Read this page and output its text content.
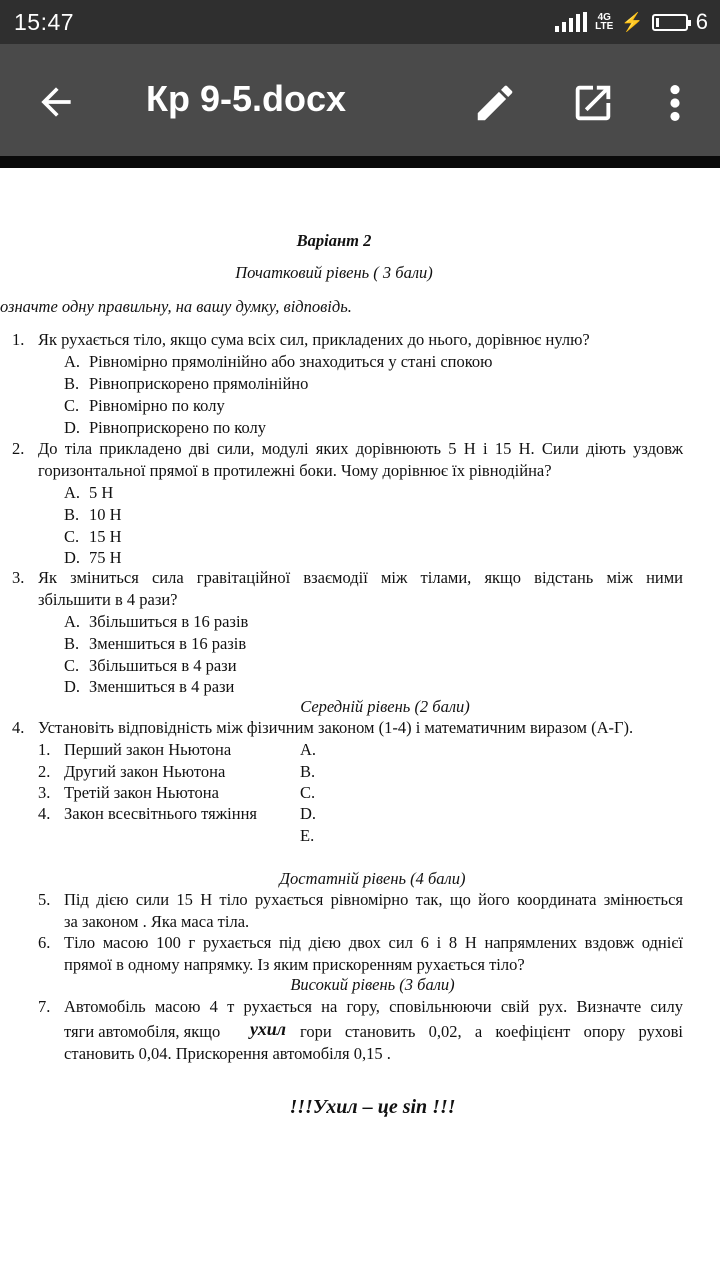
15:47	4G
LTE ⚡ 6
Кр 9-5.docx
Варіант 2
Початковий рівень ( 3 бали)
означте одну правильну, на вашу думку, відповідь.
1. Як рухається тіло, якщо сума всіх сил, прикладених до нього, дорівнює нулю?
A. Рівномірно прямолінійно або знаходиться у стані спокою
B. Рівноприскорено прямолінійно
C. Рівномірно по колу
D. Рівноприскорено по колу
2. До тіла прикладено дві сили, модулі яких дорівнюють 5 Н і 15 Н. Сили діють уздовж
горизонтальної прямої в протилежні боки. Чому дорівнює їх рівнодійна?
A. 5 Н
B. 10 Н
C. 15 Н
D. 75 Н
3. Як зміниться сила гравітаційної взаємодії між тілами, якщо відстань між ними
збільшити в 4 рази?
A. Збільшиться в 16 разів
B. Зменшиться в 16 разів
C. Збільшиться в 4 рази
D. Зменшиться в 4 рази
Середній рівень (2 бали)
4. Установіть відповідність між фізичним законом (1-4) і математичним виразом (А-Г).
1. Перший закон Ньютона
2. Другий закон Ньютона
3. Третій закон Ньютона
4. Закон всесвітнього тяжіння
A.
B.
C.
D.
E.
Достатній рівень (4 бали)
5. Під дією сили 15 Н тіло рухається рівномірно так, що його координата змінюється
за законом . Яка маса тіла.
6. Тіло масою 100 г рухається під дією двох сил 6 і 8 Н напрямлених вздовж однієї
прямої в одному напрямку. Із яким прискоренням рухається тіло?
Високий рівень (3 бали)
7. Автомобіль масою 4 т рухається на гору, сповільнюючи свій рух. Визначте силу
тяги автомобіля, якщо ухил гори становить 0,02, а коефіцієнт опору рухові
становить 0,04. Прискорення автомобіля 0,15 .
!!!Ухил – це sin !!!
